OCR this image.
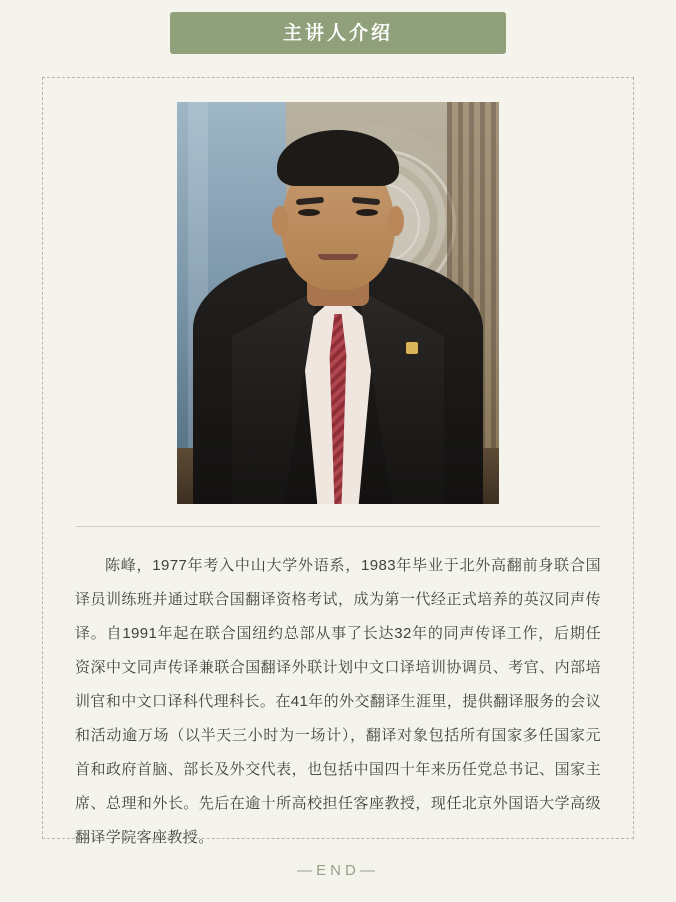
主讲人介绍

陈峰，1977年考入中山大学外语系，1983年毕业于北外高翻前身联合国译员训练班并通过联合国翻译资格考试，成为第一代经正式培养的英汉同声传译。自1991年起在联合国纽约总部从事了长达32年的同声传译工作，后期任资深中文同声传译兼联合国翻译外联计划中文口译培训协调员、考官、内部培训官和中文口译科代理科长。在41年的外交翻译生涯里，提供翻译服务的会议和活动逾万场（以半天三小时为一场计），翻译对象包括所有国家多任国家元首和政府首脑、部长及外交代表，也包括中国四十年来历任党总书记、国家主席、总理和外长。先后在逾十所高校担任客座教授，现任北京外国语大学高级翻译学院客座教授。

—END—
